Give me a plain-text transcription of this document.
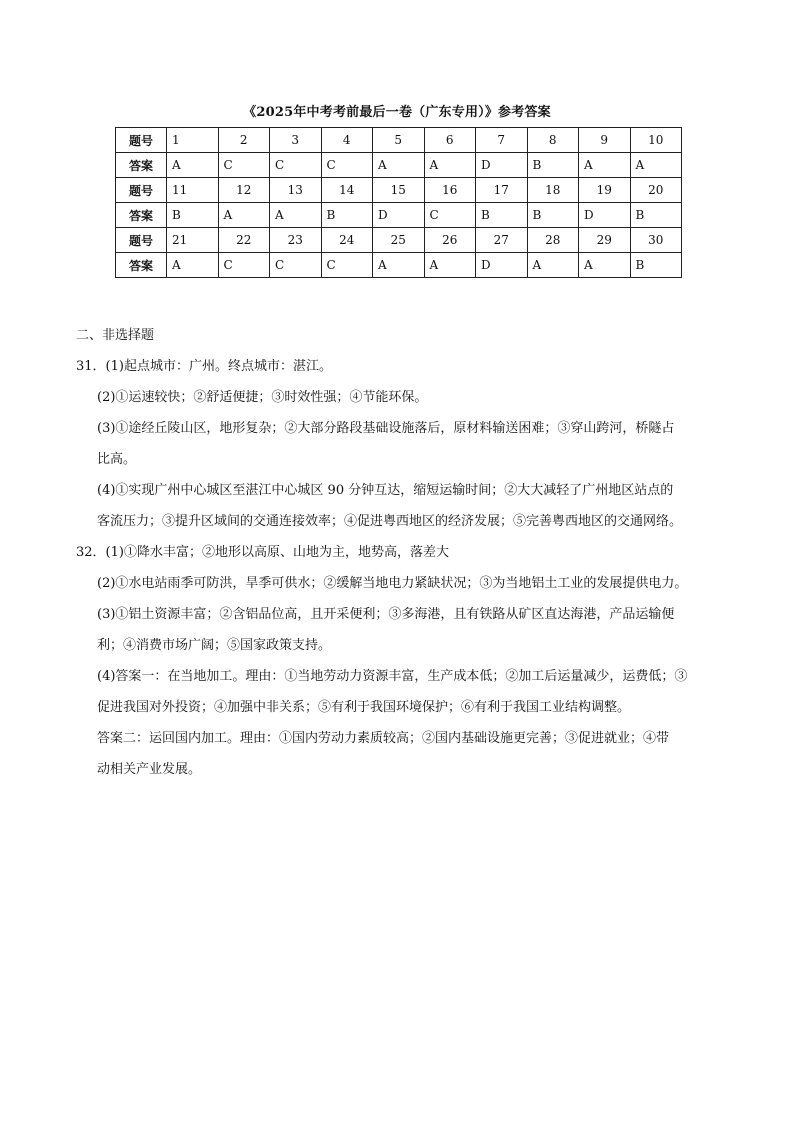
《2025年中考考前最后一卷（广东专用）》参考答案
题号	1	2	3	4	5	6	7	8	9	10
答案	A	C	C	C	A	A	D	B	A	A
题号	11	12	13	14	15	16	17	18	19	20
答案	B	A	A	B	D	C	B	B	D	B
题号	21	22	23	24	25	26	27	28	29	30
答案	A	C	C	C	A	A	D	A	A	B

二、非选择题

31．(1)起点城市：广州。终点城市：湛江。

(2)①运速较快；②舒适便捷；③时效性强；④节能环保。

(3)①途经丘陵山区，地形复杂；②大部分路段基础设施落后，原材料输送困难；③穿山跨河，桥隧占

比高。

(4)①实现广州中心城区至湛江中心城区 90 分钟互达，缩短运输时间；②大大减轻了广州地区站点的

客流压力；③提升区域间的交通连接效率；④促进粤西地区的经济发展；⑤完善粤西地区的交通网络。

32．(1)①降水丰富；②地形以高原、山地为主，地势高，落差大

(2)①水电站雨季可防洪，旱季可供水；②缓解当地电力紧缺状况；③为当地铝土工业的发展提供电力。

(3)①铝土资源丰富；②含铝品位高，且开采便利；③多海港，且有铁路从矿区直达海港，产品运输便

利；④消费市场广阔；⑤国家政策支持。

(4)答案一：在当地加工。理由：①当地劳动力资源丰富，生产成本低；②加工后运量减少，运费低；③

促进我国对外投资；④加强中非关系；⑤有利于我国环境保护；⑥有利于我国工业结构调整。

答案二：运回国内加工。理由：①国内劳动力素质较高；②国内基础设施更完善；③促进就业；④带

动相关产业发展。
